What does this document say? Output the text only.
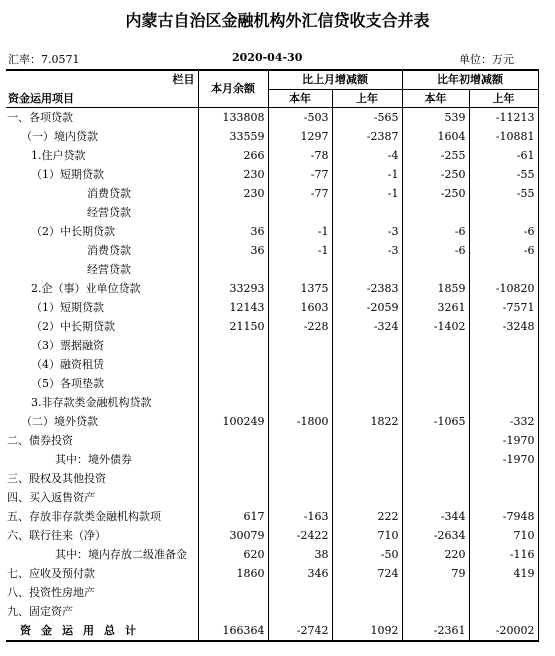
内蒙古自治区金融机构外汇信贷收支合并表
汇率：7.0571	2020-04-30	单位：万元
栏目
资金运用项目	本月余额	比上月增减额		比年初增减额	
		本年	上年	本年	上年
一、各项贷款	133808	-503	-565	539	-11213
（一）境内贷款	33559	1297	-2387	1604	-10881
1.住户贷款	266	-78	-4	-255	-61
（1）短期贷款	230	-77	-1	-250	-55
消费贷款	230	-77	-1	-250	-55
经营贷款					
（2）中长期贷款	36	-1	-3	-6	-6
消费贷款	36	-1	-3	-6	-6
经营贷款					
2.企（事）业单位贷款	33293	1375	-2383	1859	-10820
（1）短期贷款	12143	1603	-2059	3261	-7571
（2）中长期贷款	21150	-228	-324	-1402	-3248
（3）票据融资					
（4）融资租赁					
（5）各项垫款					
3.非存款类金融机构贷款					
（二）境外贷款	100249	-1800	1822	-1065	-332
二、债券投资					-1970
其中：境外债券					-1970
三、股权及其他投资					
四、买入返售资产					
五、存放非存款类金融机构款项	617	-163	222	-344	-7948
六、联行往来（净）	30079	-2422	710	-2634	710
其中：境内存放二级准备金	620	38	-50	220	-116
七、应收及预付款	1860	346	724	79	419
八、投资性房地产					
九、固定资产					
资金运用总计	166364	-2742	1092	-2361	-20002
